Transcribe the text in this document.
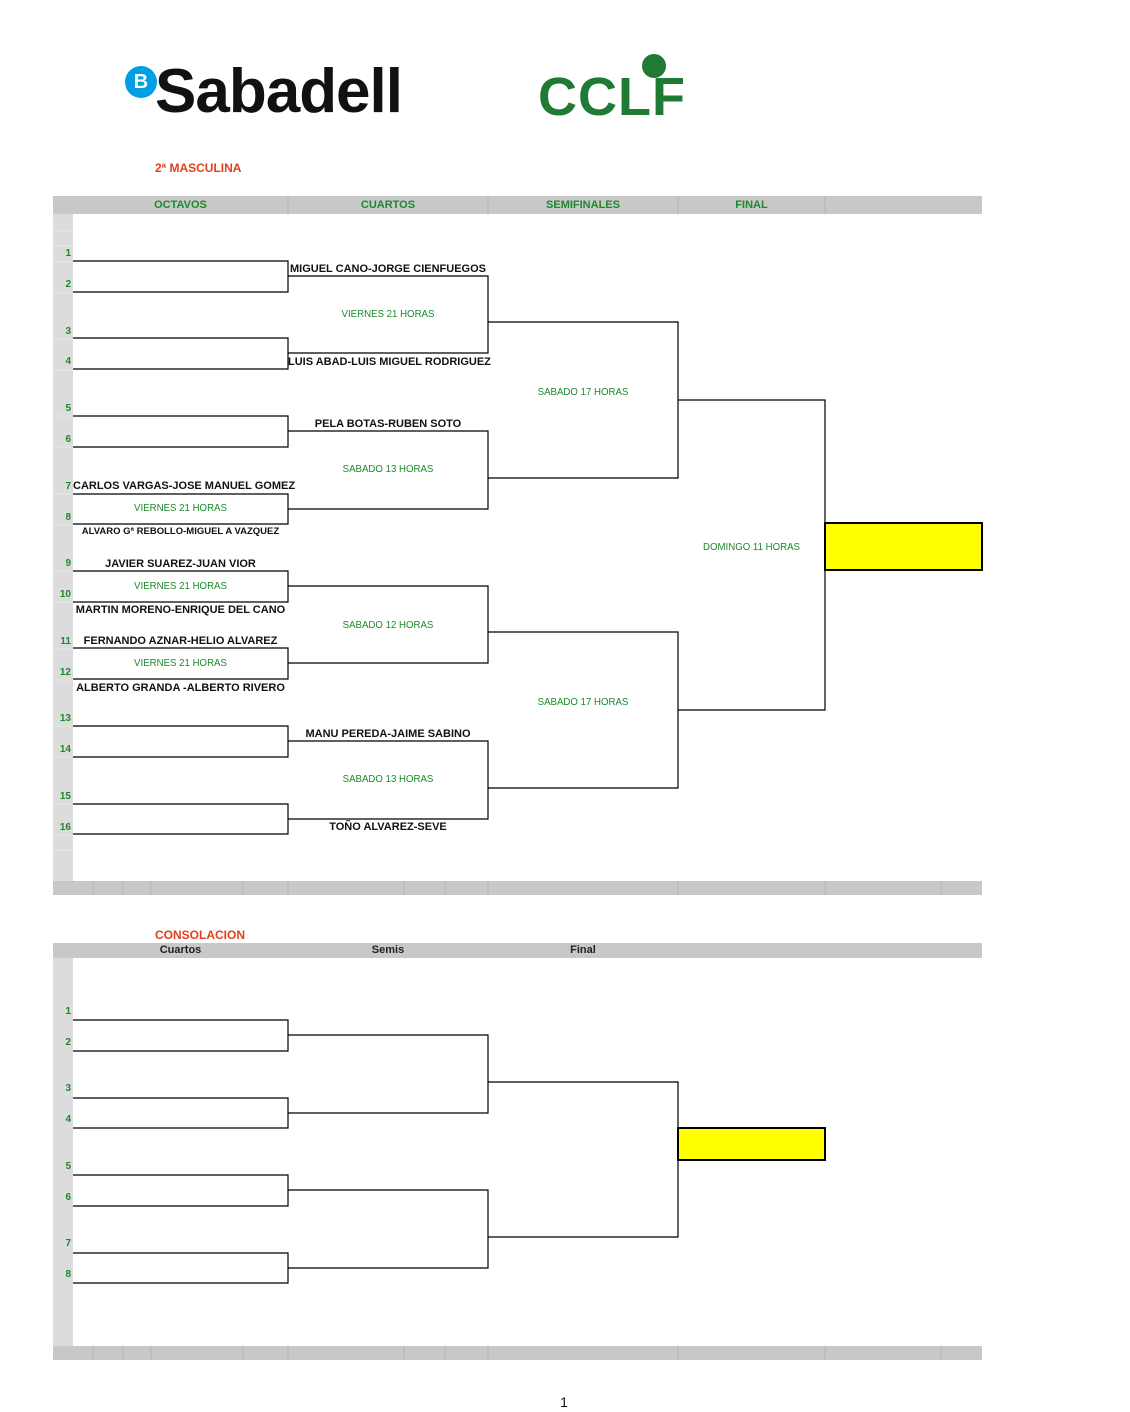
B Sabadell	CCLF
2ª MASCULINA
OCTAVOS	CUARTOS	SEMIFINALES	FINAL
1
2
3
4
5
6
7
8
9
10
11
12
13
14
15
16
CARLOS VARGAS-JOSE MANUEL GOMEZ
VIERNES 21 HORAS
ALVARO Gª REBOLLO-MIGUEL A VAZQUEZ
JAVIER SUAREZ-JUAN VIOR
VIERNES 21 HORAS
MARTIN MORENO-ENRIQUE DEL CANO
FERNANDO AZNAR-HELIO ALVAREZ
VIERNES 21 HORAS
ALBERTO GRANDA -ALBERTO RIVERO
MIGUEL CANO-JORGE CIENFUEGOS
VIERNES 21 HORAS
LUIS ABAD-LUIS MIGUEL RODRIGUEZ
PELA BOTAS-RUBEN SOTO
SABADO 13 HORAS
SABADO 12 HORAS
MANU PEREDA-JAIME SABINO
SABADO 13 HORAS
TOÑO ALVAREZ-SEVE
SABADO 17 HORAS
SABADO 17 HORAS
DOMINGO 11 HORAS
CONSOLACION
Cuartos	Semis	Final
1
2
3
4
5
6
7
8
1
